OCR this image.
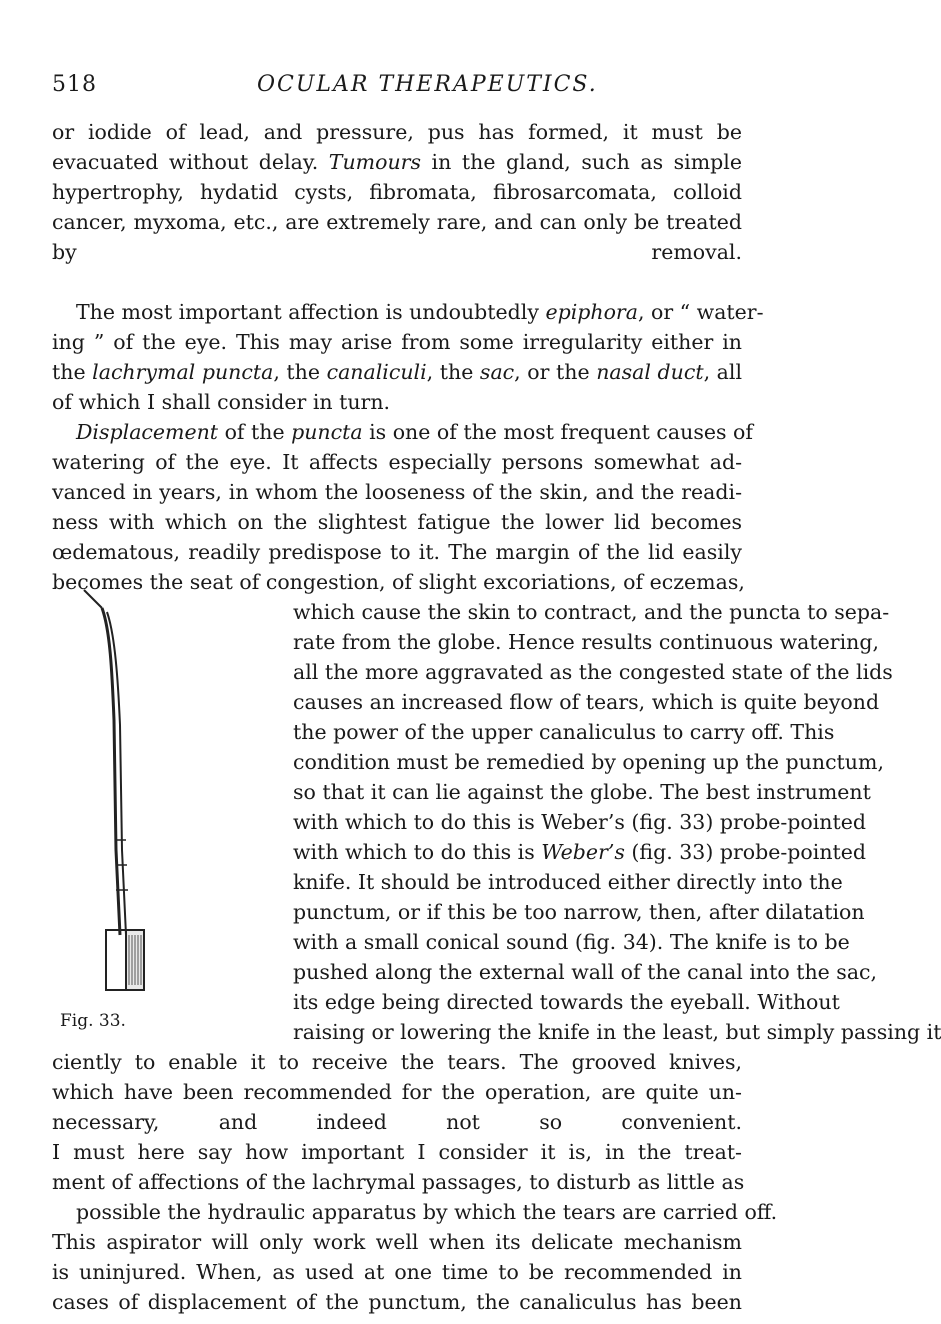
518	OCULAR THERAPEUTICS.
or iodide of lead, and pressure, pus has formed, it must be
evacuated without delay. Tumours in the gland, such as simple
hypertrophy, hydatid cysts, fibromata, fibrosarcomata, colloid
cancer, myxoma, etc., are extremely rare, and can only be treated
by removal.
The most important affection is undoubtedly epiphora, or “ water-
ing ” of the eye. This may arise from some irregularity either in
the lachrymal puncta, the canaliculi, the sac, or the nasal duct, all
of which I shall consider in turn.
Displacement of the puncta is one of the most frequent causes of
watering of the eye. It affects especially persons somewhat ad-
vanced in years, in whom the looseness of the skin, and the readi-
ness with which on the slightest fatigue the lower lid becomes
œdematous, readily predispose to it. The margin of the lid easily
becomes the seat of congestion, of slight excoriations, of eczemas,
which cause the skin to contract, and the puncta to sepa-
rate from the globe. Hence results continuous watering,
all the more aggravated as the congested state of the lids
causes an increased flow of tears, which is quite beyond
the power of the upper canaliculus to carry off. This
condition must be remedied by opening up the punctum,
so that it can lie against the globe. The best instrument
with which to do this is Weber’s (fig. 33) probe-pointed
with which to do this is Weber’s (fig. 33) probe-pointed
knife. It should be introduced either directly into the
punctum, or if this be too narrow, then, after dilatation
with a small conical sound (fig. 34). The knife is to be
pushed along the external wall of the canal into the sac,
its edge being directed towards the eyeball. Without
raising or lowering the knife in the least, but simply passing it
ciently to enable it to receive the tears. The grooved knives,
which have been recommended for the operation, are quite un-
necessary, and indeed not so convenient.
I must here say how important I consider it is, in the treat-
ment of affections of the lachrymal passages, to disturb as little as
possible the hydraulic apparatus by which the tears are carried off.
This aspirator will only work well when its delicate mechanism
is uninjured. When, as used at one time to be recommended in
cases of displacement of the punctum, the canaliculus has been
Fig. 33.
